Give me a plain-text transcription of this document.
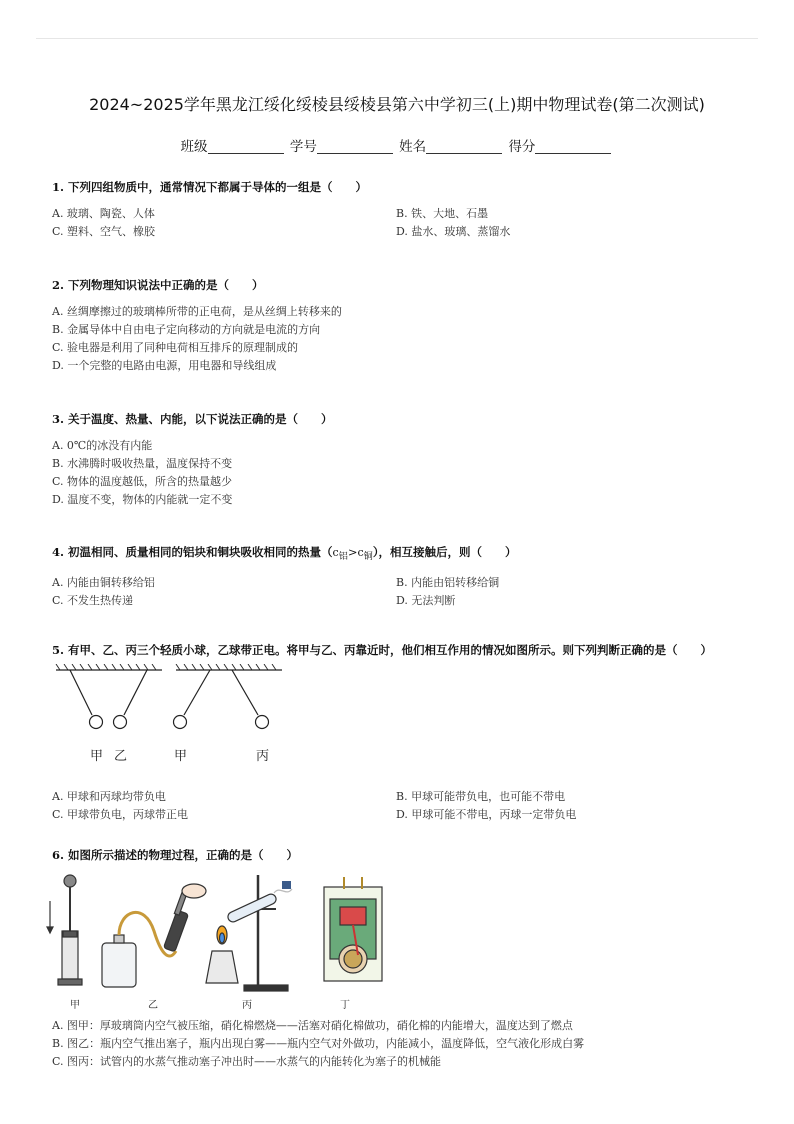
2024~2025学年黑龙江绥化绥棱县绥棱县第六中学初三(上)期中物理试卷(第二次测试)
班级	学号	姓名	得分

1. 下列四组物质中，通常情况下都属于导体的一组是（　　）

A. 玻璃、陶瓷、人体	B. 铁、大地、石墨
C. 塑料、空气、橡胶	D. 盐水、玻璃、蒸馏水

2. 下列物理知识说法中正确的是（　　）

A. 丝绸摩擦过的玻璃棒所带的正电荷，是从丝绸上转移来的
B. 金属导体中自由电子定向移动的方向就是电流的方向
C. 验电器是利用了同种电荷相互排斥的原理制成的
D. 一个完整的电路由电源，用电器和导线组成

3. 关于温度、热量、内能，以下说法正确的是（　　）

A. 0℃的冰没有内能
B. 水沸腾时吸收热量，温度保持不变
C. 物体的温度越低，所含的热量越少
D. 温度不变，物体的内能就一定不变

4. 初温相同、质量相同的铝块和铜块吸收相同的热量$(c_铝>c_铜)$，相互接触后，则（　　）

A. 内能由铜转移给铝	B. 内能由铝转移给铜
C. 不发生热传递	D. 无法判断

5. 有甲、乙、丙三个轻质小球，乙球带正电。将甲与乙、丙靠近时，他们相互作用的情况如图所示。则下列判断正确的是（　　）

甲 乙	甲	丙
A. 甲球和丙球均带负电	B. 甲球可能带负电，也可能不带电
C. 甲球带负电，丙球带正电	D. 甲球可能不带电，丙球一定带负电

6. 如图所示描述的物理过程，正确的是（　　）

甲	乙	丙	丁
A. 图甲：厚玻璃筒内空气被压缩，硝化棉燃烧——活塞对硝化棉做功，硝化棉的内能增大，温度达到了燃点
B. 图乙：瓶内空气推出塞子，瓶内出现白雾——瓶内空气对外做功，内能减小，温度降低，空气液化形成白雾
C. 图丙：试管内的水蒸气推动塞子冲出时——水蒸气的内能转化为塞子的机械能
